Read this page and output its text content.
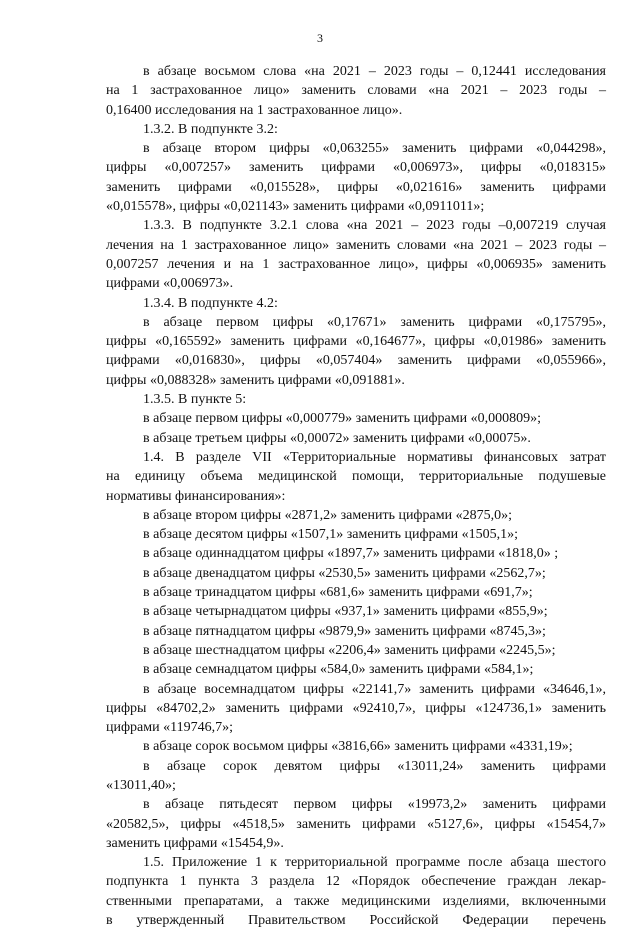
3

в абзаце восьмом слова «на 2021 – 2023 годы – 0,12441 исследования

на 1 застрахованное лицо» заменить словами «на 2021 – 2023 годы –

0,16400 исследования на 1 застрахованное лицо».

1.3.2. В подпункте 3.2:

в абзаце втором цифры «0,063255» заменить цифрами «0,044298»,

цифры «0,007257» заменить цифрами «0,006973», цифры «0,018315»

заменить цифрами «0,015528», цифры «0,021616» заменить цифрами

«0,015578», цифры «0,021143» заменить цифрами «0,0911011»;

1.3.3. В подпункте 3.2.1 слова «на 2021 – 2023 годы –0,007219 случая

лечения на 1 застрахованное лицо» заменить словами «на 2021 – 2023 годы –

0,007257 лечения и на 1 застрахованное лицо», цифры «0,006935» заменить

цифрами «0,006973».

1.3.4. В подпункте 4.2:

в абзаце первом цифры «0,17671» заменить цифрами «0,175795»,

цифры «0,165592» заменить цифрами «0,164677», цифры «0,01986» заменить

цифрами «0,016830», цифры «0,057404» заменить цифрами «0,055966»,

цифры «0,088328» заменить цифрами «0,091881».

1.3.5. В пункте 5:

в абзаце первом цифры «0,000779» заменить цифрами «0,000809»;

в абзаце третьем цифры «0,00072» заменить цифрами «0,00075».

1.4. В разделе VII «Территориальные нормативы финансовых затрат

на единицу объема медицинской помощи, территориальные подушевые

нормативы финансирования»:

в абзаце втором цифры «2871,2» заменить цифрами «2875,0»;

в абзаце десятом цифры «1507,1» заменить цифрами «1505,1»;

в абзаце одиннадцатом цифры «1897,7» заменить цифрами «1818,0» ;

в абзаце двенадцатом цифры «2530,5» заменить цифрами «2562,7»;

в абзаце тринадцатом цифры «681,6» заменить цифрами «691,7»;

в абзаце четырнадцатом цифры «937,1» заменить цифрами «855,9»;

в абзаце пятнадцатом цифры «9879,9» заменить цифрами «8745,3»;

в абзаце шестнадцатом цифры «2206,4» заменить цифрами «2245,5»;

в абзаце семнадцатом цифры «584,0» заменить цифрами «584,1»;

в абзаце восемнадцатом цифры «22141,7» заменить цифрами «34646,1»,

цифры «84702,2» заменить цифрами «92410,7», цифры «124736,1» заменить

цифрами «119746,7»;

в абзаце сорок восьмом цифры «3816,66» заменить цифрами «4331,19»;

в абзаце сорок девятом цифры «13011,24» заменить цифрами

«13011,40»;

в абзаце пятьдесят первом цифры «19973,2» заменить цифрами

«20582,5», цифры «4518,5» заменить цифрами «5127,6», цифры «15454,7»

заменить цифрами «15454,9».

1.5. Приложение 1 к территориальной программе после абзаца шестого

подпункта 1 пункта 3 раздела 12 «Порядок обеспечение граждан лекар-

ственными препаратами, а также медицинскими изделиями, включенными

в утвержденный Правительством Российской Федерации перечень
